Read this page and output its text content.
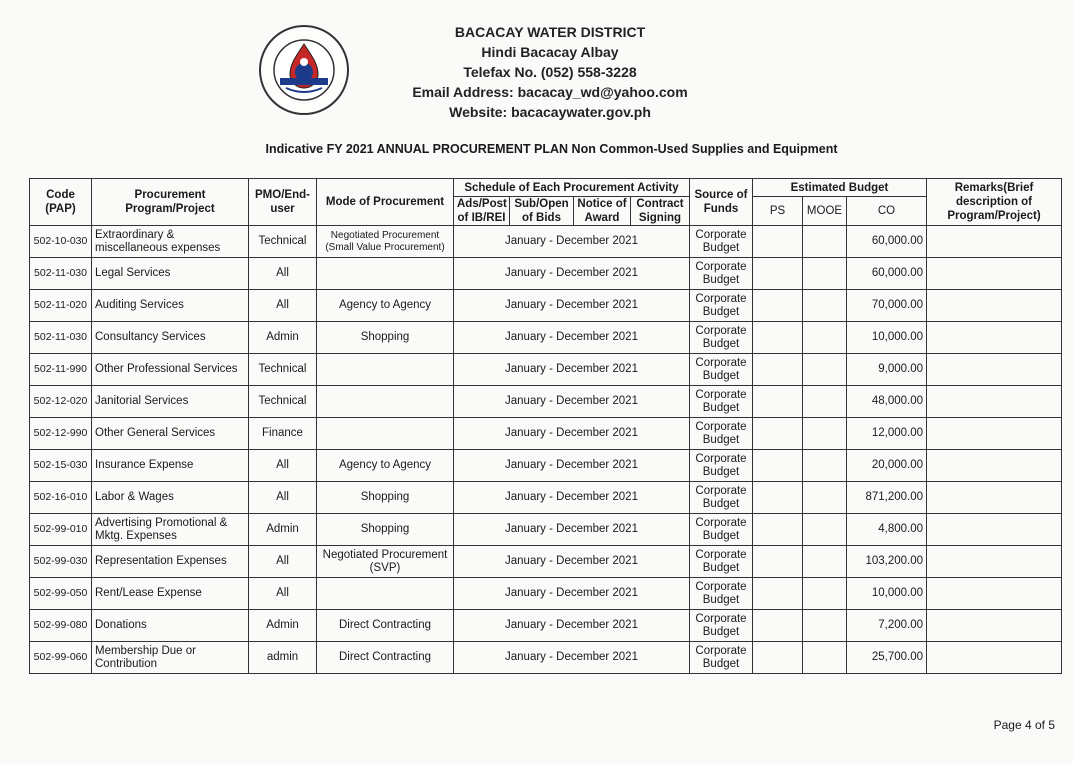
BACACAY WATER DISTRICT
Hindi Bacacay Albay
Telefax No. (052) 558-3228
Email Address: bacacay_wd@yahoo.com
Website: bacacaywater.gov.ph
Indicative FY 2021 ANNUAL PROCUREMENT PLAN Non Common-Used Supplies and Equipment
Code (PAP)	Procurement Program/Project	PMO/End-user	Mode of Procurement	Schedule of Each Procurement Activity				Source of Funds	Estimated Budget			Remarks(Brief description of Program/Project)
				Ads/Post of IB/REI	Sub/Open of Bids	Notice of Award	Contract Signing					
									PS	MOOE	CO	
502-10-030	Extraordinary & miscellaneous expenses	Technical	Negotiated Procurement (Small Value Procurement)	January - December 2021				Corporate Budget			60,000.00	
502-11-030	Legal Services	All		January - December 2021				Corporate Budget			60,000.00	
502-11-020	Auditing Services	All	Agency to Agency	January - December 2021				Corporate Budget			70,000.00	
502-11-030	Consultancy Services	Admin	Shopping	January - December 2021				Corporate Budget			10,000.00	
502-11-990	Other Professional Services	Technical		January - December 2021				Corporate Budget			9,000.00	
502-12-020	Janitorial Services	Technical		January - December 2021				Corporate Budget			48,000.00	
502-12-990	Other General Services	Finance		January - December 2021				Corporate Budget			12,000.00	
502-15-030	Insurance Expense	All	Agency to Agency	January - December 2021				Corporate Budget			20,000.00	
502-16-010	Labor & Wages	All	Shopping	January - December 2021				Corporate Budget			871,200.00	
502-99-010	Advertising Promotional & Mktg. Expenses	Admin	Shopping	January - December 2021				Corporate Budget			4,800.00	
502-99-030	Representation Expenses	All	Negotiated Procurement (SVP)	January - December 2021				Corporate Budget			103,200.00	
502-99-050	Rent/Lease Expense	All		January - December 2021				Corporate Budget			10,000.00	
502-99-080	Donations	Admin	Direct Contracting	January - December 2021				Corporate Budget			7,200.00	
502-99-060	Membership Due or Contribution	admin	Direct Contracting	January - December 2021				Corporate Budget			25,700.00	
Page 4 of 5
